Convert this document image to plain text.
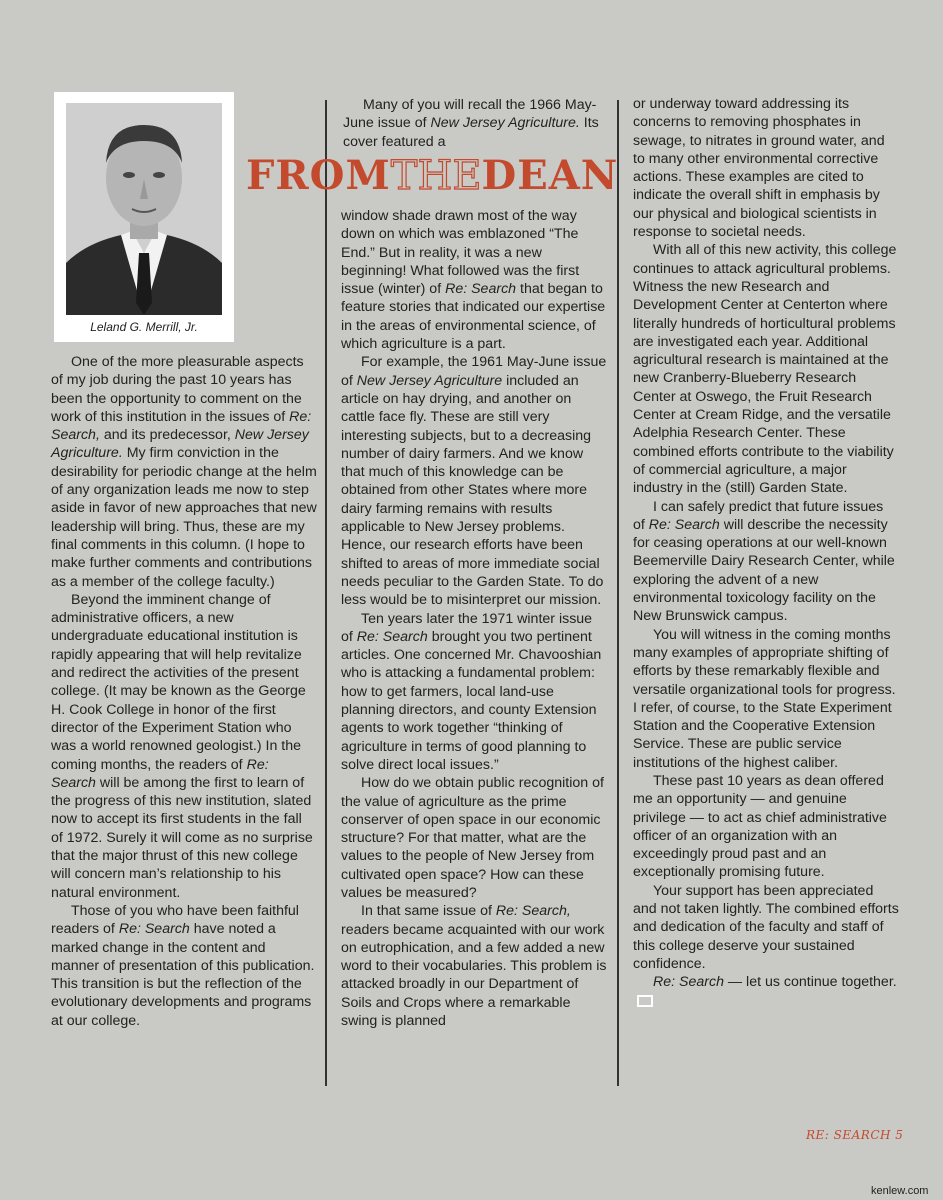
Leland G. Merrill, Jr.
FROMTHEDEAN

One of the more pleasurable aspects of my job during the past 10 years has been the opportunity to comment on the work of this institution in the issues of Re: Search, and its predecessor, New Jersey Agriculture. My firm conviction in the desirability for periodic change at the helm of any organization leads me now to step aside in favor of new approaches that new leadership will bring. Thus, these are my final comments in this column. (I hope to make further comments and contributions as a member of the college faculty.)

Beyond the imminent change of administrative officers, a new undergraduate educational institution is rapidly appearing that will help revitalize and redirect the activities of the present college. (It may be known as the George H. Cook College in honor of the first director of the Experiment Station who was a world renowned geologist.) In the coming months, the readers of Re: Search will be among the first to learn of the progress of this new institution, slated now to accept its first students in the fall of 1972. Surely it will come as no surprise that the major thrust of this new college will concern man’s relationship to his natural environment.

Those of you who have been faithful readers of Re: Search have noted a marked change in the content and manner of presentation of this publication. This transition is but the reflection of the evolutionary developments and programs at our college.

Many of you will recall the 1966 May-June issue of New Jersey Agriculture. Its cover featured a

window shade drawn most of the way down on which was emblazoned “The End.” But in reality, it was a new beginning! What followed was the first issue (winter) of Re: Search that began to feature stories that indicated our expertise in the areas of environmental science, of which agriculture is a part.

For example, the 1961 May-June issue of New Jersey Agriculture included an article on hay drying, and another on cattle face fly. These are still very interesting subjects, but to a decreasing number of dairy farmers. And we know that much of this knowledge can be obtained from other States where more dairy farming remains with results applicable to New Jersey problems. Hence, our research efforts have been shifted to areas of more immediate social needs peculiar to the Garden State. To do less would be to misinterpret our mission.

Ten years later the 1971 winter issue of Re: Search brought you two pertinent articles. One concerned Mr. Chavooshian who is attacking a fundamental problem: how to get farmers, local land-use planning directors, and county Extension agents to work together “thinking of agriculture in terms of good planning to solve direct local issues.”

How do we obtain public recognition of the value of agriculture as the prime conserver of open space in our economic structure? For that matter, what are the values to the people of New Jersey from cultivated open space? How can these values be measured?

In that same issue of Re: Search, readers became acquainted with our work on eutrophication, and a few added a new word to their vocabularies. This problem is attacked broadly in our Department of Soils and Crops where a remarkable swing is planned

or underway toward addressing its concerns to removing phosphates in sewage, to nitrates in ground water, and to many other environmental corrective actions. These examples are cited to indicate the overall shift in emphasis by our physical and biological scientists in response to societal needs.

With all of this new activity, this college continues to attack agricultural problems. Witness the new Research and Development Center at Centerton where literally hundreds of horticultural problems are investigated each year. Additional agricultural research is maintained at the new Cranberry-Blueberry Research Center at Oswego, the Fruit Research Center at Cream Ridge, and the versatile Adelphia Research Center. These combined efforts contribute to the viability of commercial agriculture, a major industry in the (still) Garden State.

I can safely predict that future issues of Re: Search will describe the necessity for ceasing operations at our well-known Beemerville Dairy Research Center, while exploring the advent of a new environmental toxicology facility on the New Brunswick campus.

You will witness in the coming months many examples of appropriate shifting of efforts by these remarkably flexible and versatile organizational tools for progress. I refer, of course, to the State Experiment Station and the Cooperative Extension Service. These are public service institutions of the highest caliber.

These past 10 years as dean offered me an opportunity — and genuine privilege — to act as chief administrative officer of an organization with an exceedingly proud past and an exceptionally promising future.

Your support has been appreciated and not taken lightly. The combined efforts and dedication of the faculty and staff of this college deserve your sustained confidence.

Re: Search — let us continue together.

RE: SEARCH 5
kenlew.com
